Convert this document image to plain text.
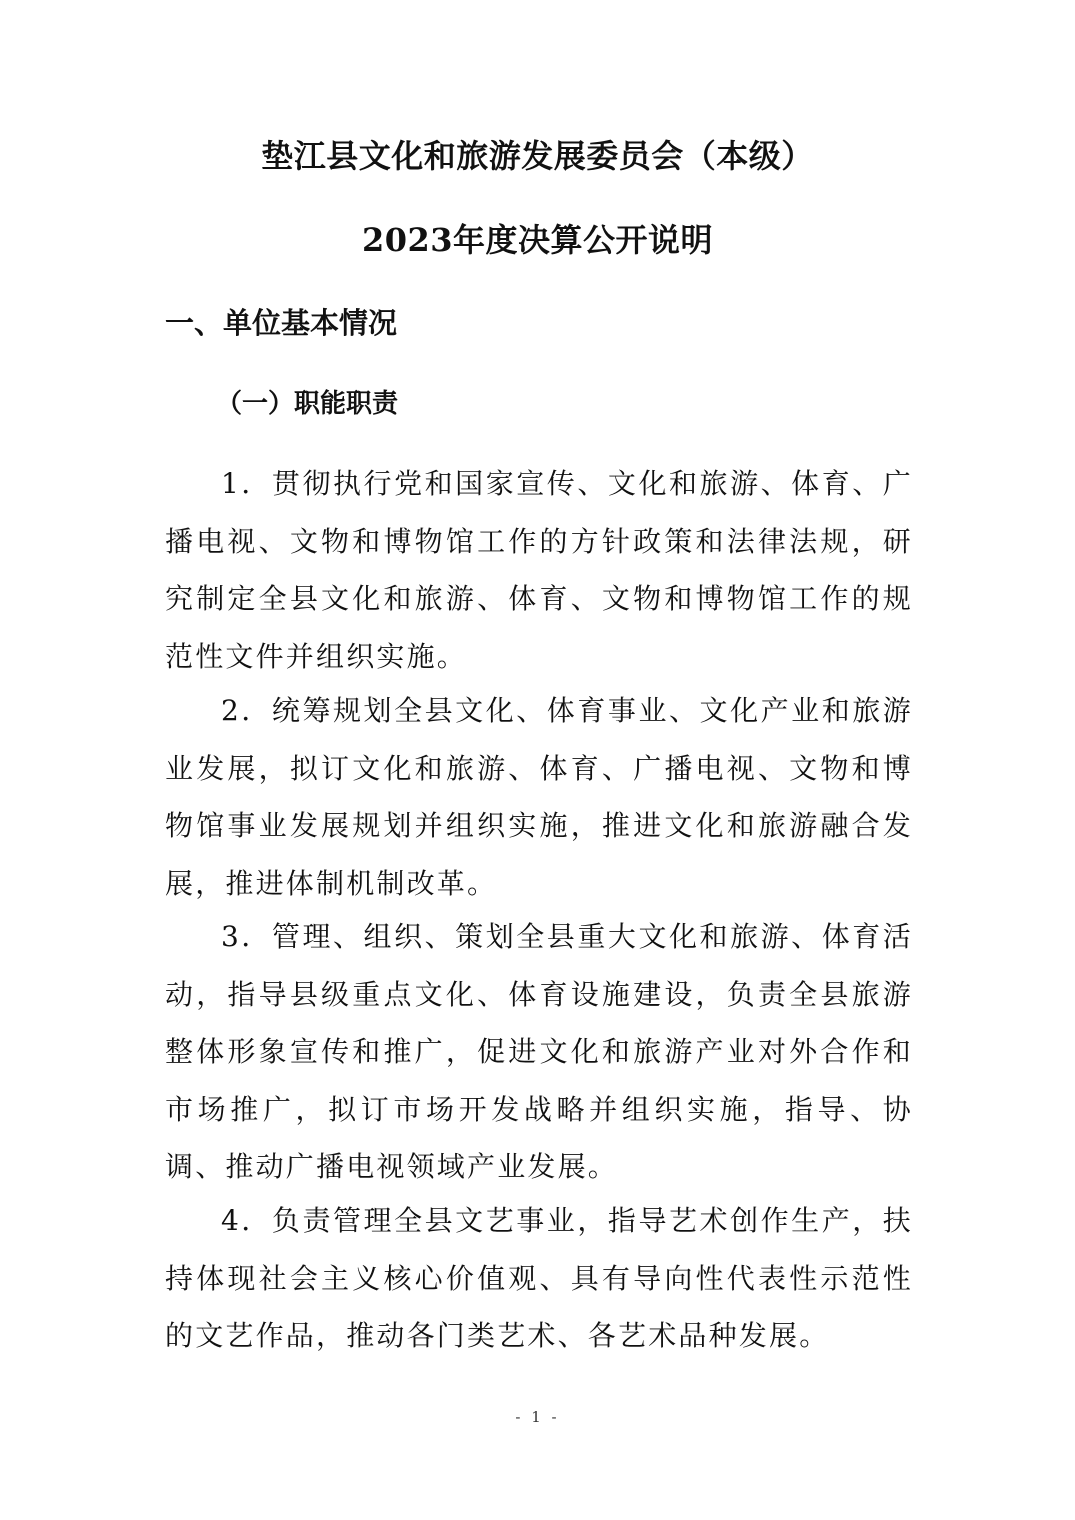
垫江县文化和旅游发展委员会（本级）
2023年度决算公开说明
一、单位基本情况
（一）职能职责

1．贯彻执行党和国家宣传、文化和旅游、体育、广播电视、文物和博物馆工作的方针政策和法律法规，研究制定全县文化和旅游、体育、文物和博物馆工作的规范性文件并组织实施。

2．统筹规划全县文化、体育事业、文化产业和旅游业发展，拟订文化和旅游、体育、广播电视、文物和博物馆事业发展规划并组织实施，推进文化和旅游融合发展，推进体制机制改革。

3．管理、组织、策划全县重大文化和旅游、体育活动，指导县级重点文化、体育设施建设，负责全县旅游整体形象宣传和推广，促进文化和旅游产业对外合作和市场推广，拟订市场开发战略并组织实施，指导、协调、推动广播电视领域产业发展。

4．负责管理全县文艺事业，指导艺术创作生产，扶持体现社会主义核心价值观、具有导向性代表性示范性的文艺作品，推动各门类艺术、各艺术品种发展。

- 1 -
